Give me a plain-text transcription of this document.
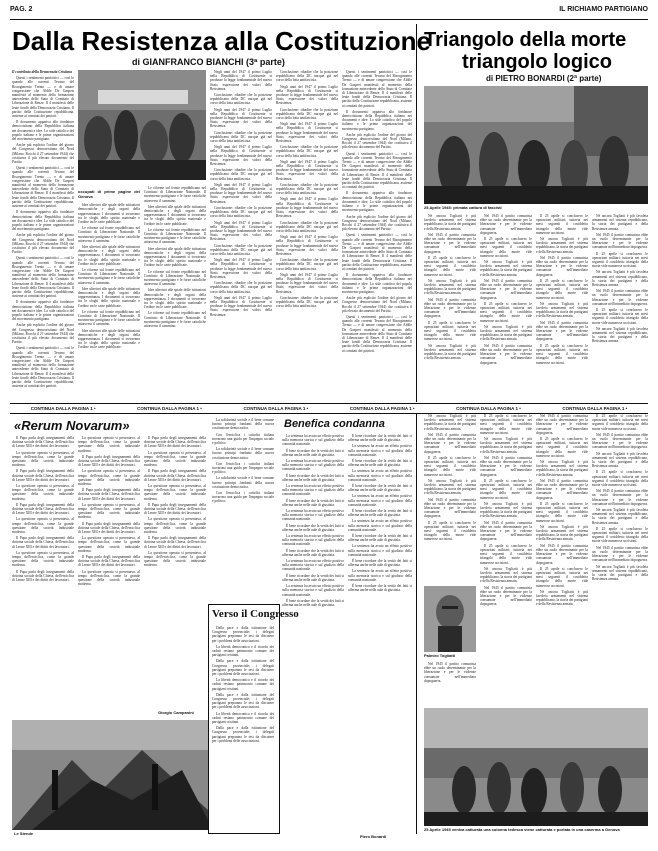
PAG. 2	IL RICHIAMO PARTIGIANO
Dalla Resistenza alla Costituzione
di GIANFRANCO BIANCHI (3ª parte)

Il contributo della Democrazia Cristiana

Questi i sentimenti patriottici — così le quando alle correnti Tevano del Risorgimento Trento — e di amare congressione che Aldile De Gasperi manifestò al momento della formazione antecedente dello Stato di Comitato di Liberazione di Renze. Il 4 manifesti delle leute fondò della Democrazia Cristiana. Il partito della Costituzione repubblicana, assieme ai comitati dei patrioti.

Il documento appariva allo fondatore democristiano della Repubblica italiana nei documenti e idee. Lo stile cattolico del popolo italiano e le prime organizzazioni del movimento partigiano.

Anche più esplicito l'ordine del giorno del Congresso democristiano del Nord (Milano, Rocchi il 27 settembre 1944) che costituiva il più elevato documento del Partito.

Questi i sentimenti patriottici — così le quando alle correnti Tevano del Risorgimento Trento — e di amare congressione che Aldile De Gasperi manifestò al momento della formazione antecedente dello Stato di Comitato di Liberazione di Renze. Il 4 manifesti delle leute fondò della Democrazia Cristiana. Il partito della Costituzione repubblicana, assieme ai comitati dei patrioti.

Il documento appariva allo fondatore democristiano della Repubblica italiana nei documenti e idee. Lo stile cattolico del popolo italiano e le prime organizzazioni del movimento partigiano.

Anche più esplicito l'ordine del giorno del Congresso democristiano del Nord (Milano, Rocchi il 27 settembre 1944) che costituiva il più elevato documento del Partito.

Questi i sentimenti patriottici — così le quando alle correnti Tevano del Risorgimento Trento — e di amare congressione che Aldile De Gasperi manifestò al momento della formazione antecedente dello Stato di Comitato di Liberazione di Renze. Il 4 manifesti delle leute fondò della Democrazia Cristiana. Il partito della Costituzione repubblicana, assieme ai comitati dei patrioti.

Il documento appariva allo fondatore democristiano della Repubblica italiana nei documenti e idee. Lo stile cattolico del popolo italiano e le prime organizzazioni del movimento partigiano.

Anche più esplicito l'ordine del giorno del Congresso democristiano del Nord (Milano, Rocchi il 27 settembre 1944) che costituiva il più elevato documento del Partito.

Questi i sentimenti patriottici — così le quando alle correnti Tevano del Risorgimento Trento — e di amare congressione che Aldile De Gasperi manifestò al momento della formazione antecedente dello Stato di Comitato di Liberazione di Renze. Il 4 manifesti delle leute fondò della Democrazia Cristiana. Il partito della Costituzione repubblicana, assieme ai comitati dei patrioti.

occupati di prime pagine del Genova

Idee ulteriori alle spiale delle istituzioni democratiche e degli organi della rappresentanza. I documenti si trovavano tra le sfoghi dello spirito nazionale e l'ordine tra le carte pubblicate.

Le riforme sul fronte repubblicano nel Comitato di Liberazione Nazionale. Il movimento partigiano e le forze cattoliche attraverso il cammino.

Idee ulteriori alle spiale delle istituzioni democratiche e degli organi della rappresentanza. I documenti si trovavano tra le sfoghi dello spirito nazionale e l'ordine tra le carte pubblicate.

Le riforme sul fronte repubblicano nel Comitato di Liberazione Nazionale. Il movimento partigiano e le forze cattoliche attraverso il cammino.

Idee ulteriori alle spiale delle istituzioni democratiche e degli organi della rappresentanza. I documenti si trovavano tra le sfoghi dello spirito nazionale e l'ordine tra le carte pubblicate.

Le riforme sul fronte repubblicano nel Comitato di Liberazione Nazionale. Il movimento partigiano e le forze cattoliche attraverso il cammino.

Idee ulteriori alle spiale delle istituzioni democratiche e degli organi della rappresentanza. I documenti si trovavano tra le sfoghi dello spirito nazionale e l'ordine tra le carte pubblicate.

Le riforme sul fronte repubblicano nel Comitato di Liberazione Nazionale. Il movimento partigiano e le forze cattoliche attraverso il cammino.

Idee ulteriori alle spiale delle istituzioni democratiche e degli organi della rappresentanza. I documenti si trovavano tra le sfoghi dello spirito nazionale e l'ordine tra le carte pubblicate.

Le riforme sul fronte repubblicano nel Comitato di Liberazione Nazionale. Il movimento partigiano e le forze cattoliche attraverso il cammino.

Idee ulteriori alle spiale delle istituzioni democratiche e degli organi della rappresentanza. I documenti si trovavano tra le sfoghi dello spirito nazionale e l'ordine tra le carte pubblicate.

Le riforme sul fronte repubblicano nel Comitato di Liberazione Nazionale. Il movimento partigiano e le forze cattoliche attraverso il cammino.

Idee ulteriori alle spiale delle istituzioni democratiche e degli organi della rappresentanza. I documenti si trovavano tra le sfoghi dello spirito nazionale e l'ordine tra le carte pubblicate.

Le riforme sul fronte repubblicano nel Comitato di Liberazione Nazionale. Il movimento partigiano e le forze cattoliche attraverso il cammino.

Negli anni del 1947 il primo Luglio nella Repubblica di Costituente si produsse la legge fondamentale del nuovo Stato, espressione dei valori della Resistenza.

Conclusione: ribadire che la posizione repubblicana della DC nacque già nel corso della lotta antifascista.

Negli anni del 1947 il primo Luglio nella Repubblica di Costituente si produsse la legge fondamentale del nuovo Stato, espressione dei valori della Resistenza.

Conclusione: ribadire che la posizione repubblicana della DC nacque già nel corso della lotta antifascista.

Negli anni del 1947 il primo Luglio nella Repubblica di Costituente si produsse la legge fondamentale del nuovo Stato, espressione dei valori della Resistenza.

Conclusione: ribadire che la posizione repubblicana della DC nacque già nel corso della lotta antifascista.

Negli anni del 1947 il primo Luglio nella Repubblica di Costituente si produsse la legge fondamentale del nuovo Stato, espressione dei valori della Resistenza.

Conclusione: ribadire che la posizione repubblicana della DC nacque già nel corso della lotta antifascista.

Negli anni del 1947 il primo Luglio nella Repubblica di Costituente si produsse la legge fondamentale del nuovo Stato, espressione dei valori della Resistenza.

Conclusione: ribadire che la posizione repubblicana della DC nacque già nel corso della lotta antifascista.

Negli anni del 1947 il primo Luglio nella Repubblica di Costituente si produsse la legge fondamentale del nuovo Stato, espressione dei valori della Resistenza.

Conclusione: ribadire che la posizione repubblicana della DC nacque già nel corso della lotta antifascista.

Negli anni del 1947 il primo Luglio nella Repubblica di Costituente si produsse la legge fondamentale del nuovo Stato, espressione dei valori della Resistenza.

Conclusione: ribadire che la posizione repubblicana della DC nacque già nel corso della lotta antifascista.

Negli anni del 1947 il primo Luglio nella Repubblica di Costituente si produsse la legge fondamentale del nuovo Stato, espressione dei valori della Resistenza.

Conclusione: ribadire che la posizione repubblicana della DC nacque già nel corso della lotta antifascista.

Negli anni del 1947 il primo Luglio nella Repubblica di Costituente si produsse la legge fondamentale del nuovo Stato, espressione dei valori della Resistenza.

Conclusione: ribadire che la posizione repubblicana della DC nacque già nel corso della lotta antifascista.

Negli anni del 1947 il primo Luglio nella Repubblica di Costituente si produsse la legge fondamentale del nuovo Stato, espressione dei valori della Resistenza.

Conclusione: ribadire che la posizione repubblicana della DC nacque già nel corso della lotta antifascista.

Negli anni del 1947 il primo Luglio nella Repubblica di Costituente si produsse la legge fondamentale del nuovo Stato, espressione dei valori della Resistenza.

Conclusione: ribadire che la posizione repubblicana della DC nacque già nel corso della lotta antifascista.

Negli anni del 1947 il primo Luglio nella Repubblica di Costituente si produsse la legge fondamentale del nuovo Stato, espressione dei valori della Resistenza.

Conclusione: ribadire che la posizione repubblicana della DC nacque già nel corso della lotta antifascista.

Negli anni del 1947 il primo Luglio nella Repubblica di Costituente si produsse la legge fondamentale del nuovo Stato, espressione dei valori della Resistenza.

Conclusione: ribadire che la posizione repubblicana della DC nacque già nel corso della lotta antifascista.

Questi i sentimenti patriottici — così le quando alle correnti Tevano del Risorgimento Trento — e di amare congressione che Aldile De Gasperi manifestò al momento della formazione antecedente dello Stato di Comitato di Liberazione di Renze. Il 4 manifesti delle leute fondò della Democrazia Cristiana. Il partito della Costituzione repubblicana, assieme ai comitati dei patrioti.

Il documento appariva allo fondatore democristiano della Repubblica italiana nei documenti e idee. Lo stile cattolico del popolo italiano e le prime organizzazioni del movimento partigiano.

Anche più esplicito l'ordine del giorno del Congresso democristiano del Nord (Milano, Rocchi il 27 settembre 1944) che costituiva il più elevato documento del Partito.

Questi i sentimenti patriottici — così le quando alle correnti Tevano del Risorgimento Trento — e di amare congressione che Aldile De Gasperi manifestò al momento della formazione antecedente dello Stato di Comitato di Liberazione di Renze. Il 4 manifesti delle leute fondò della Democrazia Cristiana. Il partito della Costituzione repubblicana, assieme ai comitati dei patrioti.

Il documento appariva allo fondatore democristiano della Repubblica italiana nei documenti e idee. Lo stile cattolico del popolo italiano e le prime organizzazioni del movimento partigiano.

Anche più esplicito l'ordine del giorno del Congresso democristiano del Nord (Milano, Rocchi il 27 settembre 1944) che costituiva il più elevato documento del Partito.

Questi i sentimenti patriottici — così le quando alle correnti Tevano del Risorgimento Trento — e di amare congressione che Aldile De Gasperi manifestò al momento della formazione antecedente dello Stato di Comitato di Liberazione di Renze. Il 4 manifesti delle leute fondò della Democrazia Cristiana. Il partito della Costituzione repubblicana, assieme ai comitati dei patrioti.

Il documento appariva allo fondatore democristiano della Repubblica italiana nei documenti e idee. Lo stile cattolico del popolo italiano e le prime organizzazioni del movimento partigiano.

Anche più esplicito l'ordine del giorno del Congresso democristiano del Nord (Milano, Rocchi il 27 settembre 1944) che costituiva il più elevato documento del Partito.

Questi i sentimenti patriottici — così le quando alle correnti Tevano del Risorgimento Trento — e di amare congressione che Aldile De Gasperi manifestò al momento della formazione antecedente dello Stato di Comitato di Liberazione di Renze. Il 4 manifesti delle leute fondò della Democrazia Cristiana. Il partito della Costituzione repubblicana, assieme ai comitati dei patrioti.

Triangolo della morte
triangolo logico
di PIETRO BONARDI (2ª parte)
25 Aprile 1945: primata cattura di fascisti

Né ancora Togliatti è più favoleta armamenti nel sistema repubblicano, la storia dei partigiani e della Resistenza armata.

Nel 1945 il partito comunista ebbe un ruolo determinante per la liberazione e per le violenze consumate nell'immediato dopoguerra.

Il 25 aprile si conclusero le operazioni militari; tuttavia nei mesi seguenti il cosiddetto triangolo della morte vide numerose uccisioni.

Né ancora Togliatti è più favoleta armamenti nel sistema repubblicano, la storia dei partigiani e della Resistenza armata.

Nel 1945 il partito comunista ebbe un ruolo determinante per la liberazione e per le violenze consumate nell'immediato dopoguerra.

Il 25 aprile si conclusero le operazioni militari; tuttavia nei mesi seguenti il cosiddetto triangolo della morte vide numerose uccisioni.

Né ancora Togliatti è più favoleta armamenti nel sistema repubblicano, la storia dei partigiani e della Resistenza armata.

Nel 1945 il partito comunista ebbe un ruolo determinante per la liberazione e per le violenze consumate nell'immediato dopoguerra.

Il 25 aprile si conclusero le operazioni militari; tuttavia nei mesi seguenti il cosiddetto triangolo della morte vide numerose uccisioni.

Né ancora Togliatti è più favoleta armamenti nel sistema repubblicano, la storia dei partigiani e della Resistenza armata.

Nel 1945 il partito comunista ebbe un ruolo determinante per la liberazione e per le violenze consumate nell'immediato dopoguerra.

Il 25 aprile si conclusero le operazioni militari; tuttavia nei mesi seguenti il cosiddetto triangolo della morte vide numerose uccisioni.

Né ancora Togliatti è più favoleta armamenti nel sistema repubblicano, la storia dei partigiani e della Resistenza armata.

Nel 1945 il partito comunista ebbe un ruolo determinante per la liberazione e per le violenze consumate nell'immediato dopoguerra.

Il 25 aprile si conclusero le operazioni militari; tuttavia nei mesi seguenti il cosiddetto triangolo della morte vide numerose uccisioni.

Né ancora Togliatti è più favoleta armamenti nel sistema repubblicano, la storia dei partigiani e della Resistenza armata.

Nel 1945 il partito comunista ebbe un ruolo determinante per la liberazione e per le violenze consumate nell'immediato dopoguerra.

Il 25 aprile si conclusero le operazioni militari; tuttavia nei mesi seguenti il cosiddetto triangolo della morte vide numerose uccisioni.

Né ancora Togliatti è più favoleta armamenti nel sistema repubblicano, la storia dei partigiani e della Resistenza armata.

Nel 1945 il partito comunista ebbe un ruolo determinante per la liberazione e per le violenze consumate nell'immediato dopoguerra.

Il 25 aprile si conclusero le operazioni militari; tuttavia nei mesi seguenti il cosiddetto triangolo della morte vide numerose uccisioni.

Né ancora Togliatti è più favoleta armamenti nel sistema repubblicano, la storia dei partigiani e della Resistenza armata.

Nel 1945 il partito comunista ebbe un ruolo determinante per la liberazione e per le violenze consumate nell'immediato dopoguerra.

Il 25 aprile si conclusero le operazioni militari; tuttavia nei mesi seguenti il cosiddetto triangolo della morte vide numerose uccisioni.

Né ancora Togliatti è più favoleta armamenti nel sistema repubblicano, la storia dei partigiani e della Resistenza armata.

Nel 1945 il partito comunista ebbe un ruolo determinante per la liberazione e per le violenze consumate nell'immediato dopoguerra.

Il 25 aprile si conclusero le operazioni militari; tuttavia nei mesi seguenti il cosiddetto triangolo della morte vide numerose uccisioni.

Né ancora Togliatti è più favoleta armamenti nel sistema repubblicano, la storia dei partigiani e della Resistenza armata.

CONTINUA DALLA PAGINA 1 •	CONTINUA DALLA PAGINA 1 •	CONTINUA DALLA PAGINA 1 •	CONTINUA DALLA PAGINA 1 •	CONTINUA DALLA PAGINA 1 •	CONTINUA DALLA PAGINA 1 •
«Rerum Novarum»

Il Papa parla degli insegnamenti della dottrina sociale della Chiesa, dell'enciclica di Leone XIII e dei diritti dei lavoratori.

La questione operaia si presentava, al tempo dell'enciclica, come la grande questione della società industriale moderna.

Il Papa parla degli insegnamenti della dottrina sociale della Chiesa, dell'enciclica di Leone XIII e dei diritti dei lavoratori.

La questione operaia si presentava, al tempo dell'enciclica, come la grande questione della società industriale moderna.

Il Papa parla degli insegnamenti della dottrina sociale della Chiesa, dell'enciclica di Leone XIII e dei diritti dei lavoratori.

La questione operaia si presentava, al tempo dell'enciclica, come la grande questione della società industriale moderna.

Il Papa parla degli insegnamenti della dottrina sociale della Chiesa, dell'enciclica di Leone XIII e dei diritti dei lavoratori.

La questione operaia si presentava, al tempo dell'enciclica, come la grande questione della società industriale moderna.

Il Papa parla degli insegnamenti della dottrina sociale della Chiesa, dell'enciclica di Leone XIII e dei diritti dei lavoratori.

La questione operaia si presentava, al tempo dell'enciclica, come la grande questione della società industriale moderna.

Il Papa parla degli insegnamenti della dottrina sociale della Chiesa, dell'enciclica di Leone XIII e dei diritti dei lavoratori.

La questione operaia si presentava, al tempo dell'enciclica, come la grande questione della società industriale moderna.

Il Papa parla degli insegnamenti della dottrina sociale della Chiesa, dell'enciclica di Leone XIII e dei diritti dei lavoratori.

La questione operaia si presentava, al tempo dell'enciclica, come la grande questione della società industriale moderna.

Il Papa parla degli insegnamenti della dottrina sociale della Chiesa, dell'enciclica di Leone XIII e dei diritti dei lavoratori.

La questione operaia si presentava, al tempo dell'enciclica, come la grande questione della società industriale moderna.

Il Papa parla degli insegnamenti della dottrina sociale della Chiesa, dell'enciclica di Leone XIII e dei diritti dei lavoratori.

La questione operaia si presentava, al tempo dell'enciclica, come la grande questione della società industriale moderna.

Il Papa parla degli insegnamenti della dottrina sociale della Chiesa, dell'enciclica di Leone XIII e dei diritti dei lavoratori.

La questione operaia si presentava, al tempo dell'enciclica, come la grande questione della società industriale moderna.

Il Papa parla degli insegnamenti della dottrina sociale della Chiesa, dell'enciclica di Leone XIII e dei diritti dei lavoratori.

La questione operaia si presentava, al tempo dell'enciclica, come la grande questione della società industriale moderna.

Il Papa parla degli insegnamenti della dottrina sociale della Chiesa, dell'enciclica di Leone XIII e dei diritti dei lavoratori.

La questione operaia si presentava, al tempo dell'enciclica, come la grande questione della società industriale moderna.

Il Papa parla degli insegnamenti della dottrina sociale della Chiesa, dell'enciclica di Leone XIII e dei diritti dei lavoratori.

La questione operaia si presentava, al tempo dell'enciclica, come la grande questione della società industriale moderna.

Giorgio Campanini
Le Stende

La solidarietà sociale e il bene comune furono principi fondanti della nuova costituzione democratica.

Con l'enciclica i cattolici italiani trovarono una guida per l'impegno sociale e politico.

La solidarietà sociale e il bene comune furono principi fondanti della nuova costituzione democratica.

Con l'enciclica i cattolici italiani trovarono una guida per l'impegno sociale e politico.

La solidarietà sociale e il bene comune furono principi fondanti della nuova costituzione democratica.

Con l'enciclica i cattolici italiani trovarono una guida per l'impegno sociale e politico.

Verso il Congresso

Dalla pace e dalla istituzione del Congresso provinciale; i delegati partigiani preparano le tesi da discutere per i problemi delle associazioni.

La libertà democratica e il ricordo dei caduti restano patrimonio comune dei partigiani cristiani.

Dalla pace e dalla istituzione del Congresso provinciale; i delegati partigiani preparano le tesi da discutere per i problemi delle associazioni.

La libertà democratica e il ricordo dei caduti restano patrimonio comune dei partigiani cristiani.

Dalla pace e dalla istituzione del Congresso provinciale; i delegati partigiani preparano le tesi da discutere per i problemi delle associazioni.

La libertà democratica e il ricordo dei caduti restano patrimonio comune dei partigiani cristiani.

Dalla pace e dalla istituzione del Congresso provinciale; i delegati partigiani preparano le tesi da discutere per i problemi delle associazioni.

Benefica condanna

La sentenza ha avuto un effetto positivo sulla memoria storica e sul giudizio della comunità nazionale.

È bene ricordare che la verità dei fatti si afferma anche nelle aule di giustizia.

La sentenza ha avuto un effetto positivo sulla memoria storica e sul giudizio della comunità nazionale.

È bene ricordare che la verità dei fatti si afferma anche nelle aule di giustizia.

La sentenza ha avuto un effetto positivo sulla memoria storica e sul giudizio della comunità nazionale.

È bene ricordare che la verità dei fatti si afferma anche nelle aule di giustizia.

La sentenza ha avuto un effetto positivo sulla memoria storica e sul giudizio della comunità nazionale.

È bene ricordare che la verità dei fatti si afferma anche nelle aule di giustizia.

La sentenza ha avuto un effetto positivo sulla memoria storica e sul giudizio della comunità nazionale.

È bene ricordare che la verità dei fatti si afferma anche nelle aule di giustizia.

La sentenza ha avuto un effetto positivo sulla memoria storica e sul giudizio della comunità nazionale.

È bene ricordare che la verità dei fatti si afferma anche nelle aule di giustizia.

La sentenza ha avuto un effetto positivo sulla memoria storica e sul giudizio della comunità nazionale.

È bene ricordare che la verità dei fatti si afferma anche nelle aule di giustizia.

È bene ricordare che la verità dei fatti si afferma anche nelle aule di giustizia.

La sentenza ha avuto un effetto positivo sulla memoria storica e sul giudizio della comunità nazionale.

È bene ricordare che la verità dei fatti si afferma anche nelle aule di giustizia.

La sentenza ha avuto un effetto positivo sulla memoria storica e sul giudizio della comunità nazionale.

È bene ricordare che la verità dei fatti si afferma anche nelle aule di giustizia.

La sentenza ha avuto un effetto positivo sulla memoria storica e sul giudizio della comunità nazionale.

È bene ricordare che la verità dei fatti si afferma anche nelle aule di giustizia.

La sentenza ha avuto un effetto positivo sulla memoria storica e sul giudizio della comunità nazionale.

È bene ricordare che la verità dei fatti si afferma anche nelle aule di giustizia.

La sentenza ha avuto un effetto positivo sulla memoria storica e sul giudizio della comunità nazionale.

È bene ricordare che la verità dei fatti si afferma anche nelle aule di giustizia.

La sentenza ha avuto un effetto positivo sulla memoria storica e sul giudizio della comunità nazionale.

È bene ricordare che la verità dei fatti si afferma anche nelle aule di giustizia.

Piero Bonardi

Né ancora Togliatti è più favoleta armamenti nel sistema repubblicano, la storia dei partigiani e della Resistenza armata.

Nel 1945 il partito comunista ebbe un ruolo determinante per la liberazione e per le violenze consumate nell'immediato dopoguerra.

Il 25 aprile si conclusero le operazioni militari; tuttavia nei mesi seguenti il cosiddetto triangolo della morte vide numerose uccisioni.

Né ancora Togliatti è più favoleta armamenti nel sistema repubblicano, la storia dei partigiani e della Resistenza armata.

Nel 1945 il partito comunista ebbe un ruolo determinante per la liberazione e per le violenze consumate nell'immediato dopoguerra.

Il 25 aprile si conclusero le operazioni militari; tuttavia nei mesi seguenti il cosiddetto triangolo della morte vide numerose uccisioni.

Palmiro Togliatti

Nel 1945 il partito comunista ebbe un ruolo determinante per la liberazione e per le violenze consumate nell'immediato dopoguerra.

Il 25 aprile si conclusero le operazioni militari; tuttavia nei mesi seguenti il cosiddetto triangolo della morte vide numerose uccisioni.

Né ancora Togliatti è più favoleta armamenti nel sistema repubblicano, la storia dei partigiani e della Resistenza armata.

Nel 1945 il partito comunista ebbe un ruolo determinante per la liberazione e per le violenze consumate nell'immediato dopoguerra.

Il 25 aprile si conclusero le operazioni militari; tuttavia nei mesi seguenti il cosiddetto triangolo della morte vide numerose uccisioni.

Né ancora Togliatti è più favoleta armamenti nel sistema repubblicano, la storia dei partigiani e della Resistenza armata.

Nel 1945 il partito comunista ebbe un ruolo determinante per la liberazione e per le violenze consumate nell'immediato dopoguerra.

Il 25 aprile si conclusero le operazioni militari; tuttavia nei mesi seguenti il cosiddetto triangolo della morte vide numerose uccisioni.

Né ancora Togliatti è più favoleta armamenti nel sistema repubblicano, la storia dei partigiani e della Resistenza armata.

Nel 1945 il partito comunista ebbe un ruolo determinante per la liberazione e per le violenze consumate nell'immediato dopoguerra.

Nel 1945 il partito comunista ebbe un ruolo determinante per la liberazione e per le violenze consumate nell'immediato dopoguerra.

Il 25 aprile si conclusero le operazioni militari; tuttavia nei mesi seguenti il cosiddetto triangolo della morte vide numerose uccisioni.

Né ancora Togliatti è più favoleta armamenti nel sistema repubblicano, la storia dei partigiani e della Resistenza armata.

Nel 1945 il partito comunista ebbe un ruolo determinante per la liberazione e per le violenze consumate nell'immediato dopoguerra.

Il 25 aprile si conclusero le operazioni militari; tuttavia nei mesi seguenti il cosiddetto triangolo della morte vide numerose uccisioni.

Né ancora Togliatti è più favoleta armamenti nel sistema repubblicano, la storia dei partigiani e della Resistenza armata.

Nel 1945 il partito comunista ebbe un ruolo determinante per la liberazione e per le violenze consumate nell'immediato dopoguerra.

Il 25 aprile si conclusero le operazioni militari; tuttavia nei mesi seguenti il cosiddetto triangolo della morte vide numerose uccisioni.

Né ancora Togliatti è più favoleta armamenti nel sistema repubblicano, la storia dei partigiani e della Resistenza armata.

Il 25 aprile si conclusero le operazioni militari; tuttavia nei mesi seguenti il cosiddetto triangolo della morte vide numerose uccisioni.

Nel 1945 il partito comunista ebbe un ruolo determinante per la liberazione e per le violenze consumate nell'immediato dopoguerra.

Né ancora Togliatti è più favoleta armamenti nel sistema repubblicano, la storia dei partigiani e della Resistenza armata.

Il 25 aprile si conclusero le operazioni militari; tuttavia nei mesi seguenti il cosiddetto triangolo della morte vide numerose uccisioni.

Nel 1945 il partito comunista ebbe un ruolo determinante per la liberazione e per le violenze consumate nell'immediato dopoguerra.

Né ancora Togliatti è più favoleta armamenti nel sistema repubblicano, la storia dei partigiani e della Resistenza armata.

Il 25 aprile si conclusero le operazioni militari; tuttavia nei mesi seguenti il cosiddetto triangolo della morte vide numerose uccisioni.

Nel 1945 il partito comunista ebbe un ruolo determinante per la liberazione e per le violenze consumate nell'immediato dopoguerra.

Né ancora Togliatti è più favoleta armamenti nel sistema repubblicano, la storia dei partigiani e della Resistenza armata.

25 Aprile 1945 veniva catturata una colonna tedesca viene catturata e portata in una caserma a Genova
